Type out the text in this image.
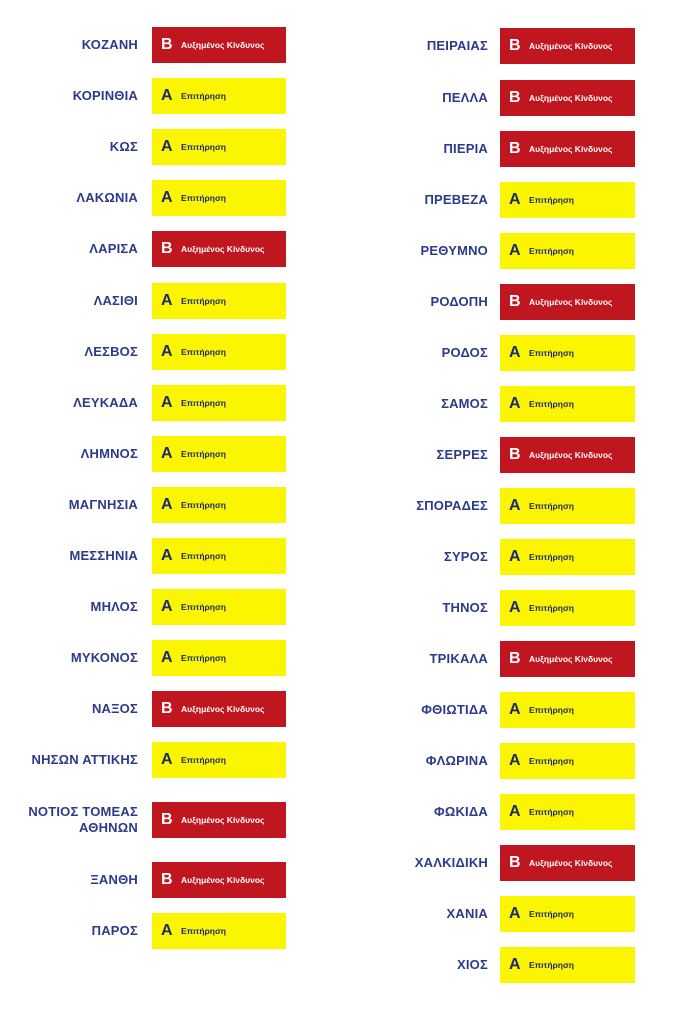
ΚΟΖΑΝΗ Β Αυξημένος Κίνδυνος
ΚΟΡΙΝΘΙΑ Α Επιτήρηση
ΚΩΣ Α Επιτήρηση
ΛΑΚΩΝΙΑ Α Επιτήρηση
ΛΑΡΙΣΑ Β Αυξημένος Κίνδυνος
ΛΑΣΙΘΙ Α Επιτήρηση
ΛΕΣΒΟΣ Α Επιτήρηση
ΛΕΥΚΑΔΑ Α Επιτήρηση
ΛΗΜΝΟΣ Α Επιτήρηση
ΜΑΓΝΗΣΙΑ Α Επιτήρηση
ΜΕΣΣΗΝΙΑ Α Επιτήρηση
ΜΗΛΟΣ Α Επιτήρηση
ΜΥΚΟΝΟΣ Α Επιτήρηση
ΝΑΞΟΣ Β Αυξημένος Κίνδυνος
ΝΗΣΩΝ ΑΤΤΙΚΗΣ Α Επιτήρηση
ΝΟΤΙΟΣ ΤΟΜΕΑΣ
ΑΘΗΝΩΝ Β Αυξημένος Κίνδυνος
ΞΑΝΘΗ Β Αυξημένος Κίνδυνος
ΠΑΡΟΣ Α Επιτήρηση
ΠΕΙΡΑΙΑΣ Β Αυξημένος Κίνδυνος
ΠΕΛΛΑ Β Αυξημένος Κίνδυνος
ΠΙΕΡΙΑ Β Αυξημένος Κίνδυνος
ΠΡΕΒΕΖΑ Α Επιτήρηση
ΡΕΘΥΜΝΟ Α Επιτήρηση
ΡΟΔΟΠΗ Β Αυξημένος Κίνδυνος
ΡΟΔΟΣ Α Επιτήρηση
ΣΑΜΟΣ Α Επιτήρηση
ΣΕΡΡΕΣ Β Αυξημένος Κίνδυνος
ΣΠΟΡΑΔΕΣ Α Επιτήρηση
ΣΥΡΟΣ Α Επιτήρηση
ΤΗΝΟΣ Α Επιτήρηση
ΤΡΙΚΑΛΑ Β Αυξημένος Κίνδυνος
ΦΘΙΩΤΙΔΑ Α Επιτήρηση
ΦΛΩΡΙΝΑ Α Επιτήρηση
ΦΩΚΙΔΑ Α Επιτήρηση
ΧΑΛΚΙΔΙΚΗ Β Αυξημένος Κίνδυνος
ΧΑΝΙΑ Α Επιτήρηση
ΧΙΟΣ Α Επιτήρηση
